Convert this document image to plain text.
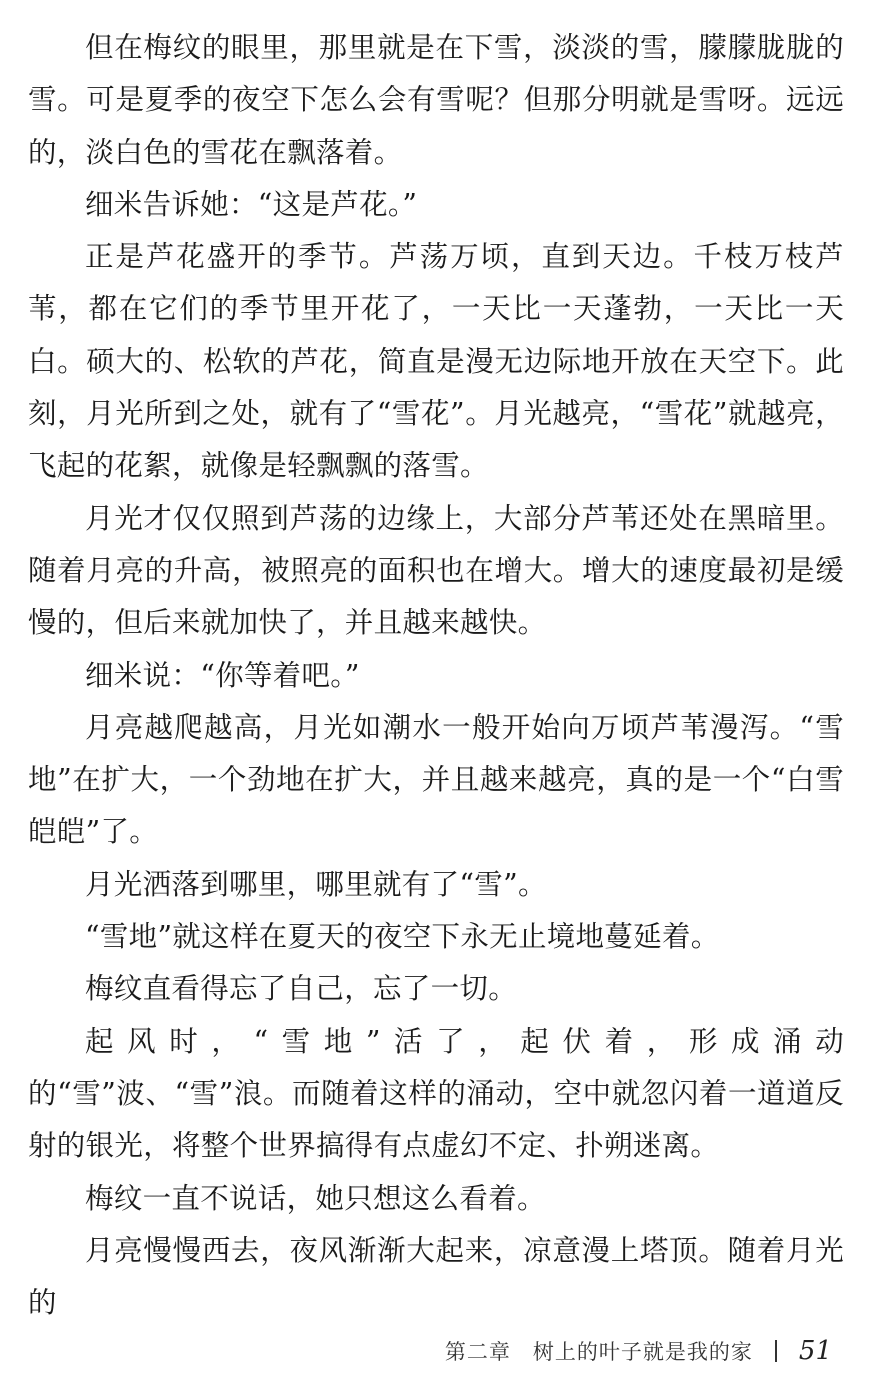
但在梅纹的眼里，那里就是在下雪，淡淡的雪，朦朦胧胧的雪。可是夏季的夜空下怎么会有雪呢？但那分明就是雪呀。远远的，淡白色的雪花在飘落着。

细米告诉她：“这是芦花。”

正是芦花盛开的季节。芦荡万顷，直到天边。千枝万枝芦苇，都在它们的季节里开花了，一天比一天蓬勃，一天比一天白。硕大的、松软的芦花，简直是漫无边际地开放在天空下。此刻，月光所到之处，就有了“雪花”。月光越亮，“雪花”就越亮，飞起的花絮，就像是轻飘飘的落雪。

月光才仅仅照到芦荡的边缘上，大部分芦苇还处在黑暗里。随着月亮的升高，被照亮的面积也在增大。增大的速度最初是缓慢的，但后来就加快了，并且越来越快。

细米说：“你等着吧。”

月亮越爬越高，月光如潮水一般开始向万顷芦苇漫泻。“雪地”在扩大，一个劲地在扩大，并且越来越亮，真的是一个“白雪皑皑”了。

月光洒落到哪里，哪里就有了“雪”。

“雪地”就这样在夏天的夜空下永无止境地蔓延着。

梅纹直看得忘了自己，忘了一切。

起风时，“雪地”活了，起伏着，形成涌动的“雪”波、“雪”浪。而随着这样的涌动，空中就忽闪着一道道反射的银光，将整个世界搞得有点虚幻不定、扑朔迷离。

梅纹一直不说话，她只想这么看着。

月亮慢慢西去，夜风渐渐大起来，凉意漫上塔顶。随着月光的

第二章　树上的叶子就是我的家 51
